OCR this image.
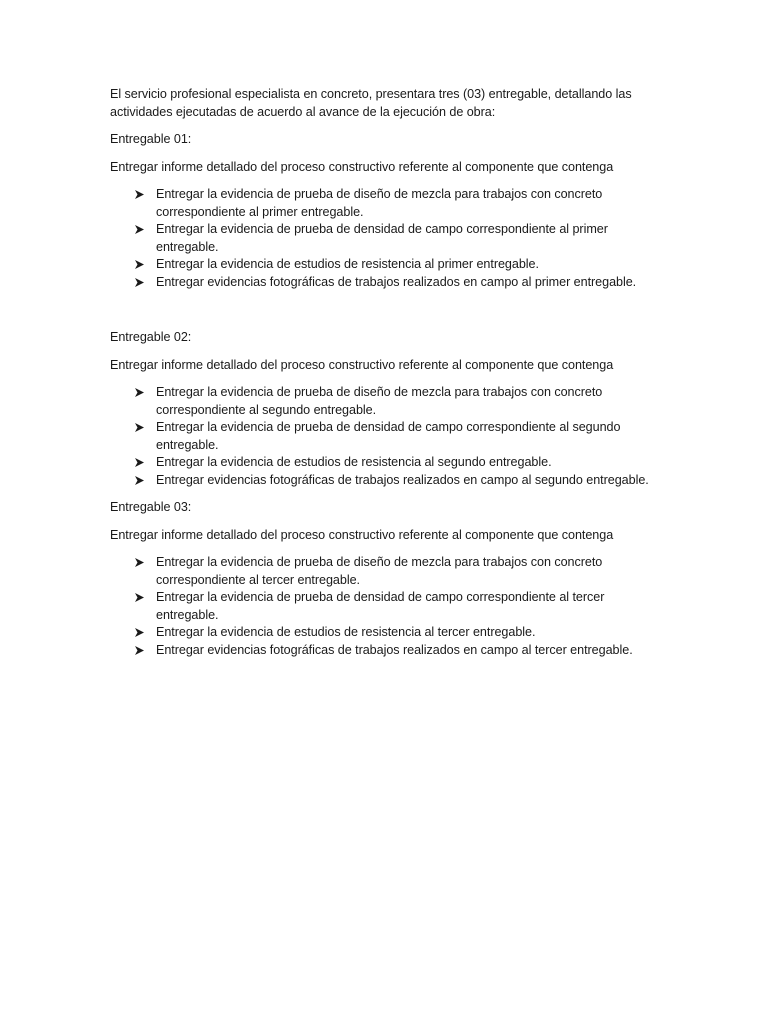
El servicio profesional especialista en concreto, presentara tres (03) entregable, detallando las actividades ejecutadas de acuerdo al avance de la ejecución de obra:

Entregable 01:

Entregar informe detallado del proceso constructivo referente al componente que contenga

Entregar la evidencia de prueba de diseño de mezcla para trabajos con concreto correspondiente al primer entregable.
Entregar la evidencia de prueba de densidad de campo correspondiente al primer entregable.
Entregar la evidencia de estudios de resistencia al primer entregable.
Entregar evidencias fotográficas de trabajos realizados en campo al primer entregable.

Entregable 02:

Entregar informe detallado del proceso constructivo referente al componente que contenga

Entregar la evidencia de prueba de diseño de mezcla para trabajos con concreto correspondiente al segundo entregable.
Entregar la evidencia de prueba de densidad de campo correspondiente al segundo entregable.
Entregar la evidencia de estudios de resistencia al segundo entregable.
Entregar evidencias fotográficas de trabajos realizados en campo al segundo entregable.

Entregable 03:

Entregar informe detallado del proceso constructivo referente al componente que contenga

Entregar la evidencia de prueba de diseño de mezcla para trabajos con concreto correspondiente al tercer entregable.
Entregar la evidencia de prueba de densidad de campo correspondiente al tercer entregable.
Entregar la evidencia de estudios de resistencia al tercer entregable.
Entregar evidencias fotográficas de trabajos realizados en campo al tercer entregable.
